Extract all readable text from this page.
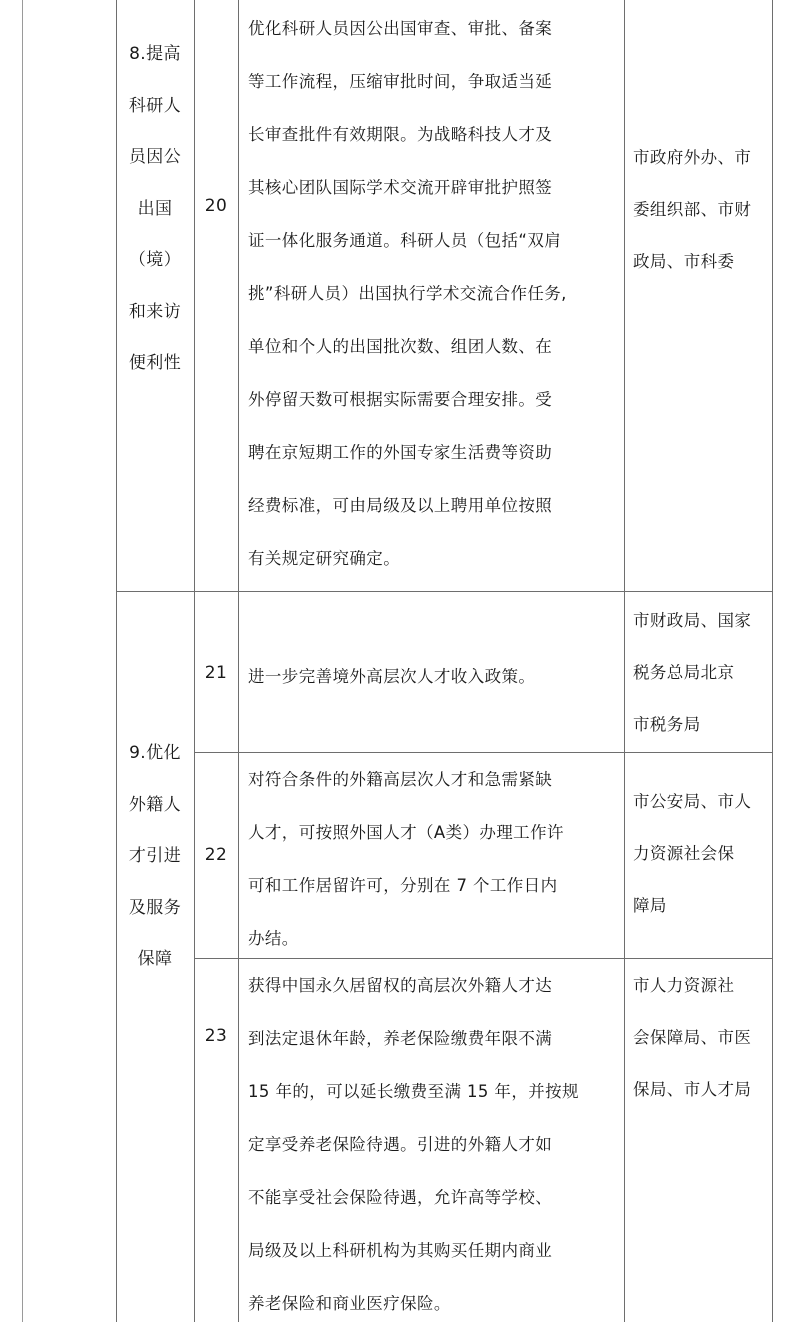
8.提高
科研人
员因公
出国
（境）
和来访
便利性
20
优化科研人员因公出国审查、审批、备案
等工作流程，压缩审批时间，争取适当延
长审查批件有效期限。为战略科技人才及
其核心团队国际学术交流开辟审批护照签
证一体化服务通道。科研人员（包括“双肩
挑”科研人员）出国执行学术交流合作任务,
单位和个人的出国批次数、组团人数、在
外停留天数可根据实际需要合理安排。受
聘在京短期工作的外国专家生活费等资助
经费标准，可由局级及以上聘用单位按照
有关规定研究确定。
市政府外办、市
委组织部、市财
政局、市科委
9.优化
外籍人
才引进
及服务
保障
21	进一步完善境外高层次人才收入政策。
市财政局、国家
税务总局北京
市税务局
22
对符合条件的外籍高层次人才和急需紧缺
人才，可按照外国人才（A类）办理工作许
可和工作居留许可，分别在 7 个工作日内
办结。
市公安局、市人
力资源社会保
障局
23
获得中国永久居留权的高层次外籍人才达
到法定退休年龄，养老保险缴费年限不满
15 年的，可以延长缴费至满 15 年，并按规
定享受养老保险待遇。引进的外籍人才如
不能享受社会保险待遇，允许高等学校、
局级及以上科研机构为其购买任期内商业
养老保险和商业医疗保险。
市人力资源社
会保障局、市医
保局、市人才局
